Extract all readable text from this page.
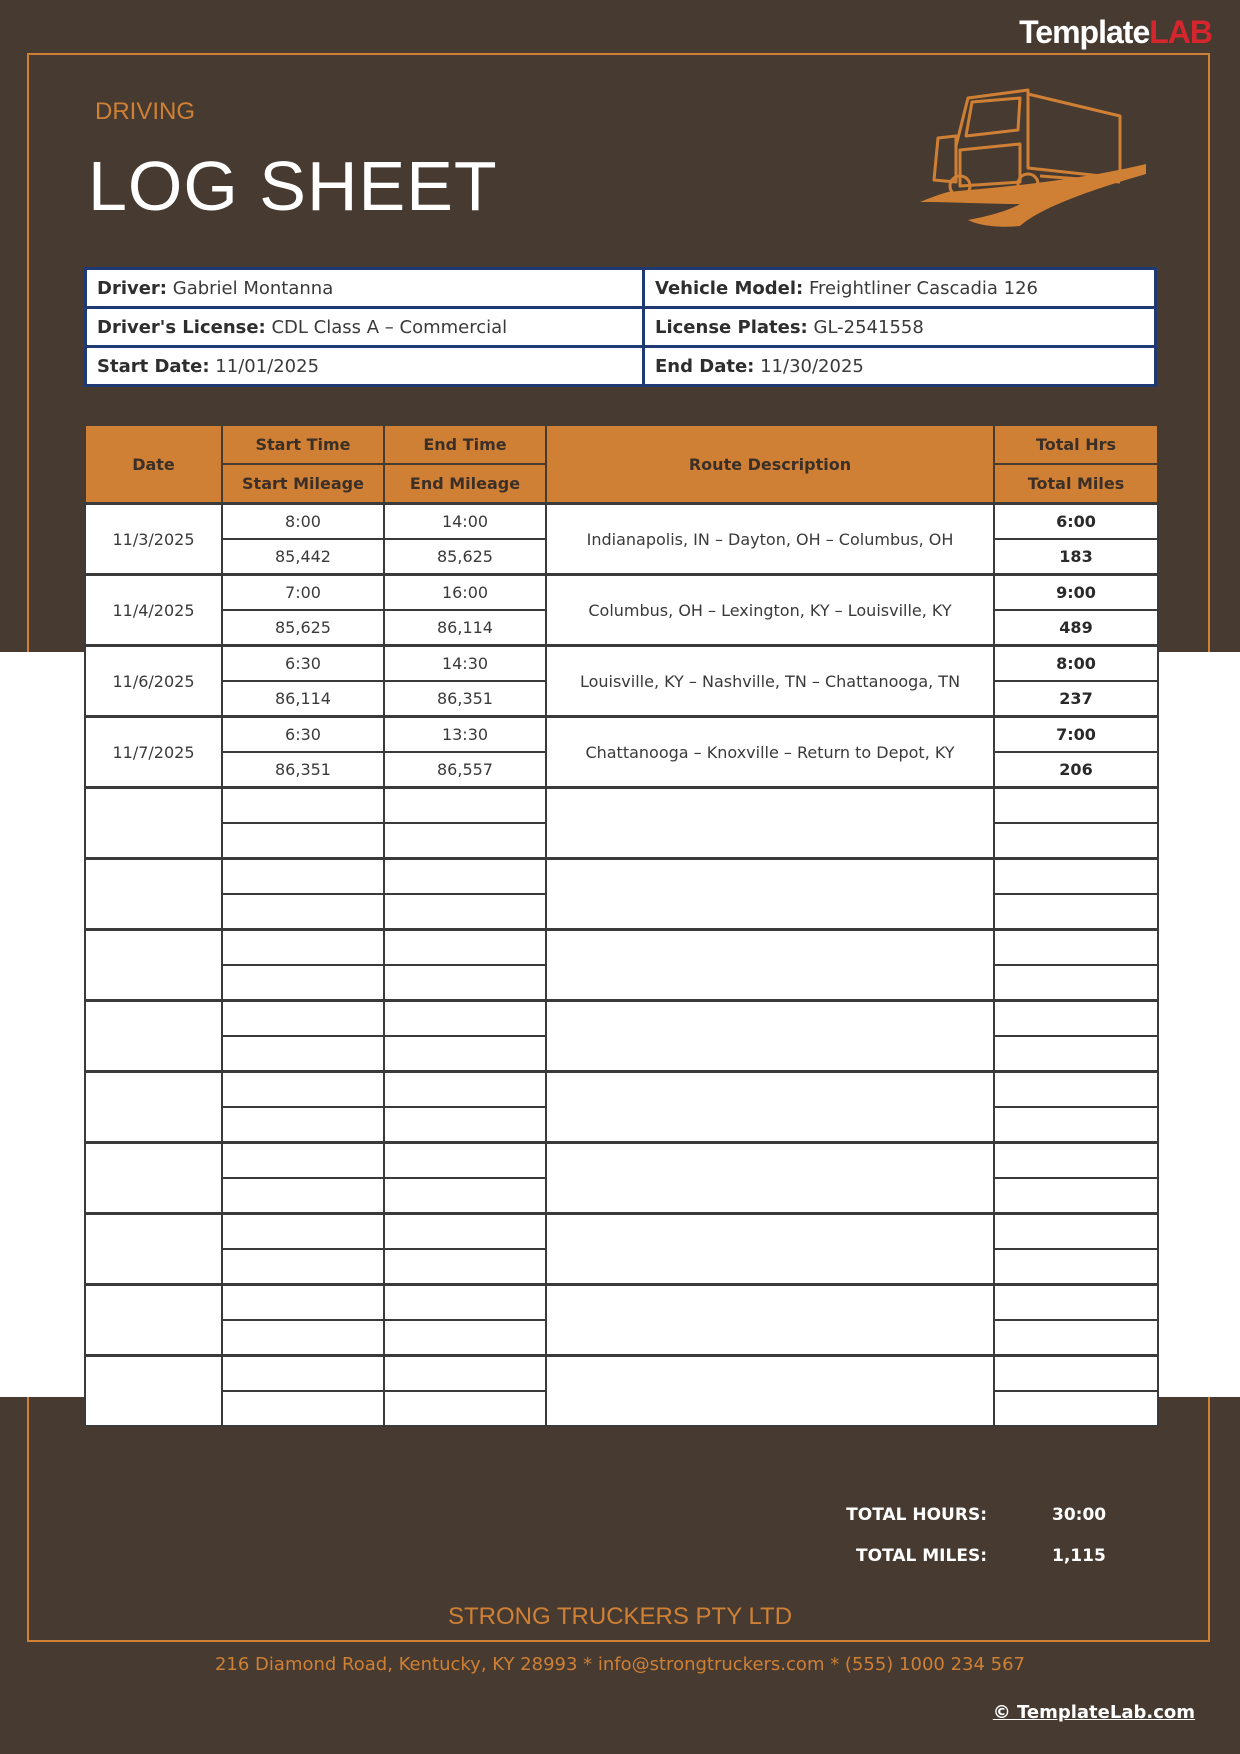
TemplateLAB
DRIVING
LOG SHEET
Driver: Gabriel Montanna	Vehicle Model: Freightliner Cascadia 126
Driver's License: CDL Class A – Commercial	License Plates: GL-2541558
Start Date: 11/01/2025	End Date: 11/30/2025
Date	Start Time	End Time	Route Description	Total Hrs
	Start Mileage	End Mileage		Total Miles
11/3/2025	8:00	14:00	Indianapolis, IN – Dayton, OH – Columbus, OH	6:00
	85,442	85,625		183
11/4/2025	7:00	16:00	Columbus, OH – Lexington, KY – Louisville, KY	9:00
	85,625	86,114		489
11/6/2025	6:30	14:30	Louisville, KY – Nashville, TN – Chattanooga, TN	8:00
	86,114	86,351		237
11/7/2025	6:30	13:30	Chattanooga – Knoxville – Return to Depot, KY	7:00
	86,351	86,557		206

TOTAL HOURS:	30:00
TOTAL MILES:	1,115
STRONG TRUCKERS PTY LTD
216 Diamond Road, Kentucky, KY 28993 * info@strongtruckers.com * (555) 1000 234 567
© TemplateLab.com
